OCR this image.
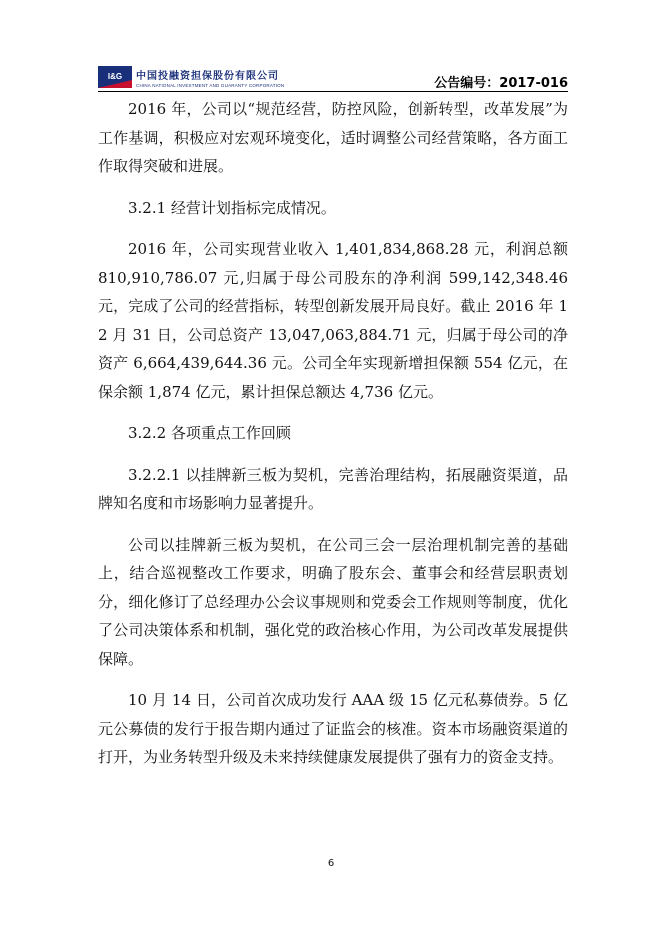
I&G 中国投融资担保股份有限公司
CHINA NATIONAL INVESTMENT AND GUARANTY CORPORATION	公告编号：2017-016

2016 年，公司以“规范经营，防控风险，创新转型，改革发展”为工作基调，积极应对宏观环境变化，适时调整公司经营策略，各方面工作取得突破和进展。

3.2.1 经营计划指标完成情况。

2016 年，公司实现营业收入 1,401,834,868.28 元，利润总额 810,910,786.07 元,归属于母公司股东的净利润 599,142,348.46 元，完成了公司的经营指标，转型创新发展开局良好。截止 2016 年 12 月 31 日，公司总资产 13,047,063,884.71 元，归属于母公司的净资产 6,664,439,644.36 元。公司全年实现新增担保额 554 亿元，在保余额 1,874 亿元，累计担保总额达 4,736 亿元。

3.2.2 各项重点工作回顾

3.2.2.1 以挂牌新三板为契机，完善治理结构，拓展融资渠道，品牌知名度和市场影响力显著提升。

公司以挂牌新三板为契机，在公司三会一层治理机制完善的基础上，结合巡视整改工作要求，明确了股东会、董事会和经营层职责划分，细化修订了总经理办公会议事规则和党委会工作规则等制度，优化了公司决策体系和机制，强化党的政治核心作用，为公司改革发展提供保障。

10 月 14 日，公司首次成功发行 AAA 级 15 亿元私募债券。5 亿元公募债的发行于报告期内通过了证监会的核准。资本市场融资渠道的打开，为业务转型升级及未来持续健康发展提供了强有力的资金支持。

6
